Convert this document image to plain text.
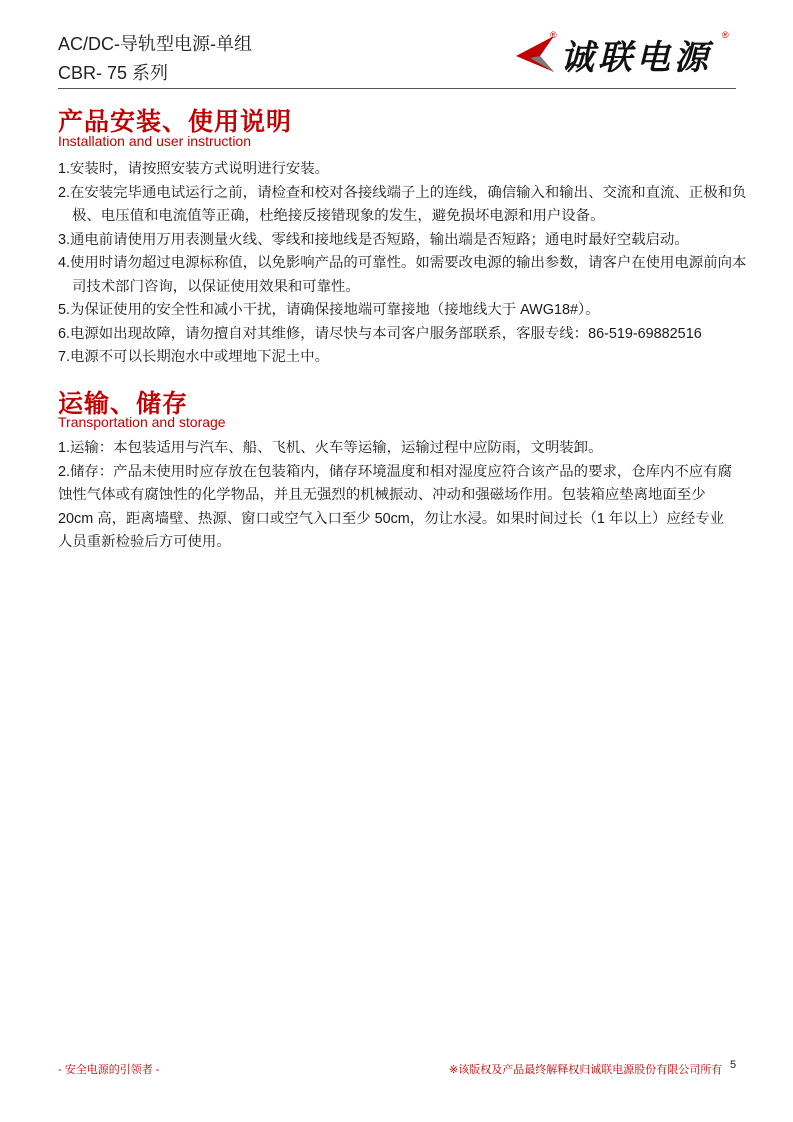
AC/DC-导轨型电源-单组
CBR- 75 系列
®
诚联电源
®
产品安装、使用说明
Installation and user instruction
1.安装时，请按照安装方式说明进行安装。
2.在安装完毕通电试运行之前，请检查和校对各接线端子上的连线，确信输入和输出、交流和直流、正极和负极、电压值和电流值等正确，杜绝接反接错现象的发生，避免损坏电源和用户设备。
3.通电前请使用万用表测量火线、零线和接地线是否短路，输出端是否短路；通电时最好空载启动。
4.使用时请勿超过电源标称值，以免影响产品的可靠性。如需要改电源的输出参数，请客户在使用电源前向本司技术部门咨询，以保证使用效果和可靠性。
5.为保证使用的安全性和减小干扰，请确保接地端可靠接地（接地线大于 AWG18#）。
6.电源如出现故障，请勿擅自对其维修，请尽快与本司客户服务部联系，客服专线：86-519-69882516
7.电源不可以长期泡水中或埋地下泥土中。
运输、储存
Transportation and storage
1.运输：本包装适用与汽车、船、飞机、火车等运输，运输过程中应防雨，文明装卸。
2.储存：产品未使用时应存放在包装箱内，储存环境温度和相对湿度应符合该产品的要求，仓库内不应有腐蚀性气体或有腐蚀性的化学物品，并且无强烈的机械振动、冲动和强磁场作用。包装箱应垫离地面至少 20cm 高，距离墙壁、热源、窗口或空气入口至少 50cm，勿让水浸。如果时间过长（1 年以上）应经专业人员重新检验后方可使用。
- 安全电源的引领者 -	※该版权及产品最终解释权归诚联电源股份有限公司所有 5
